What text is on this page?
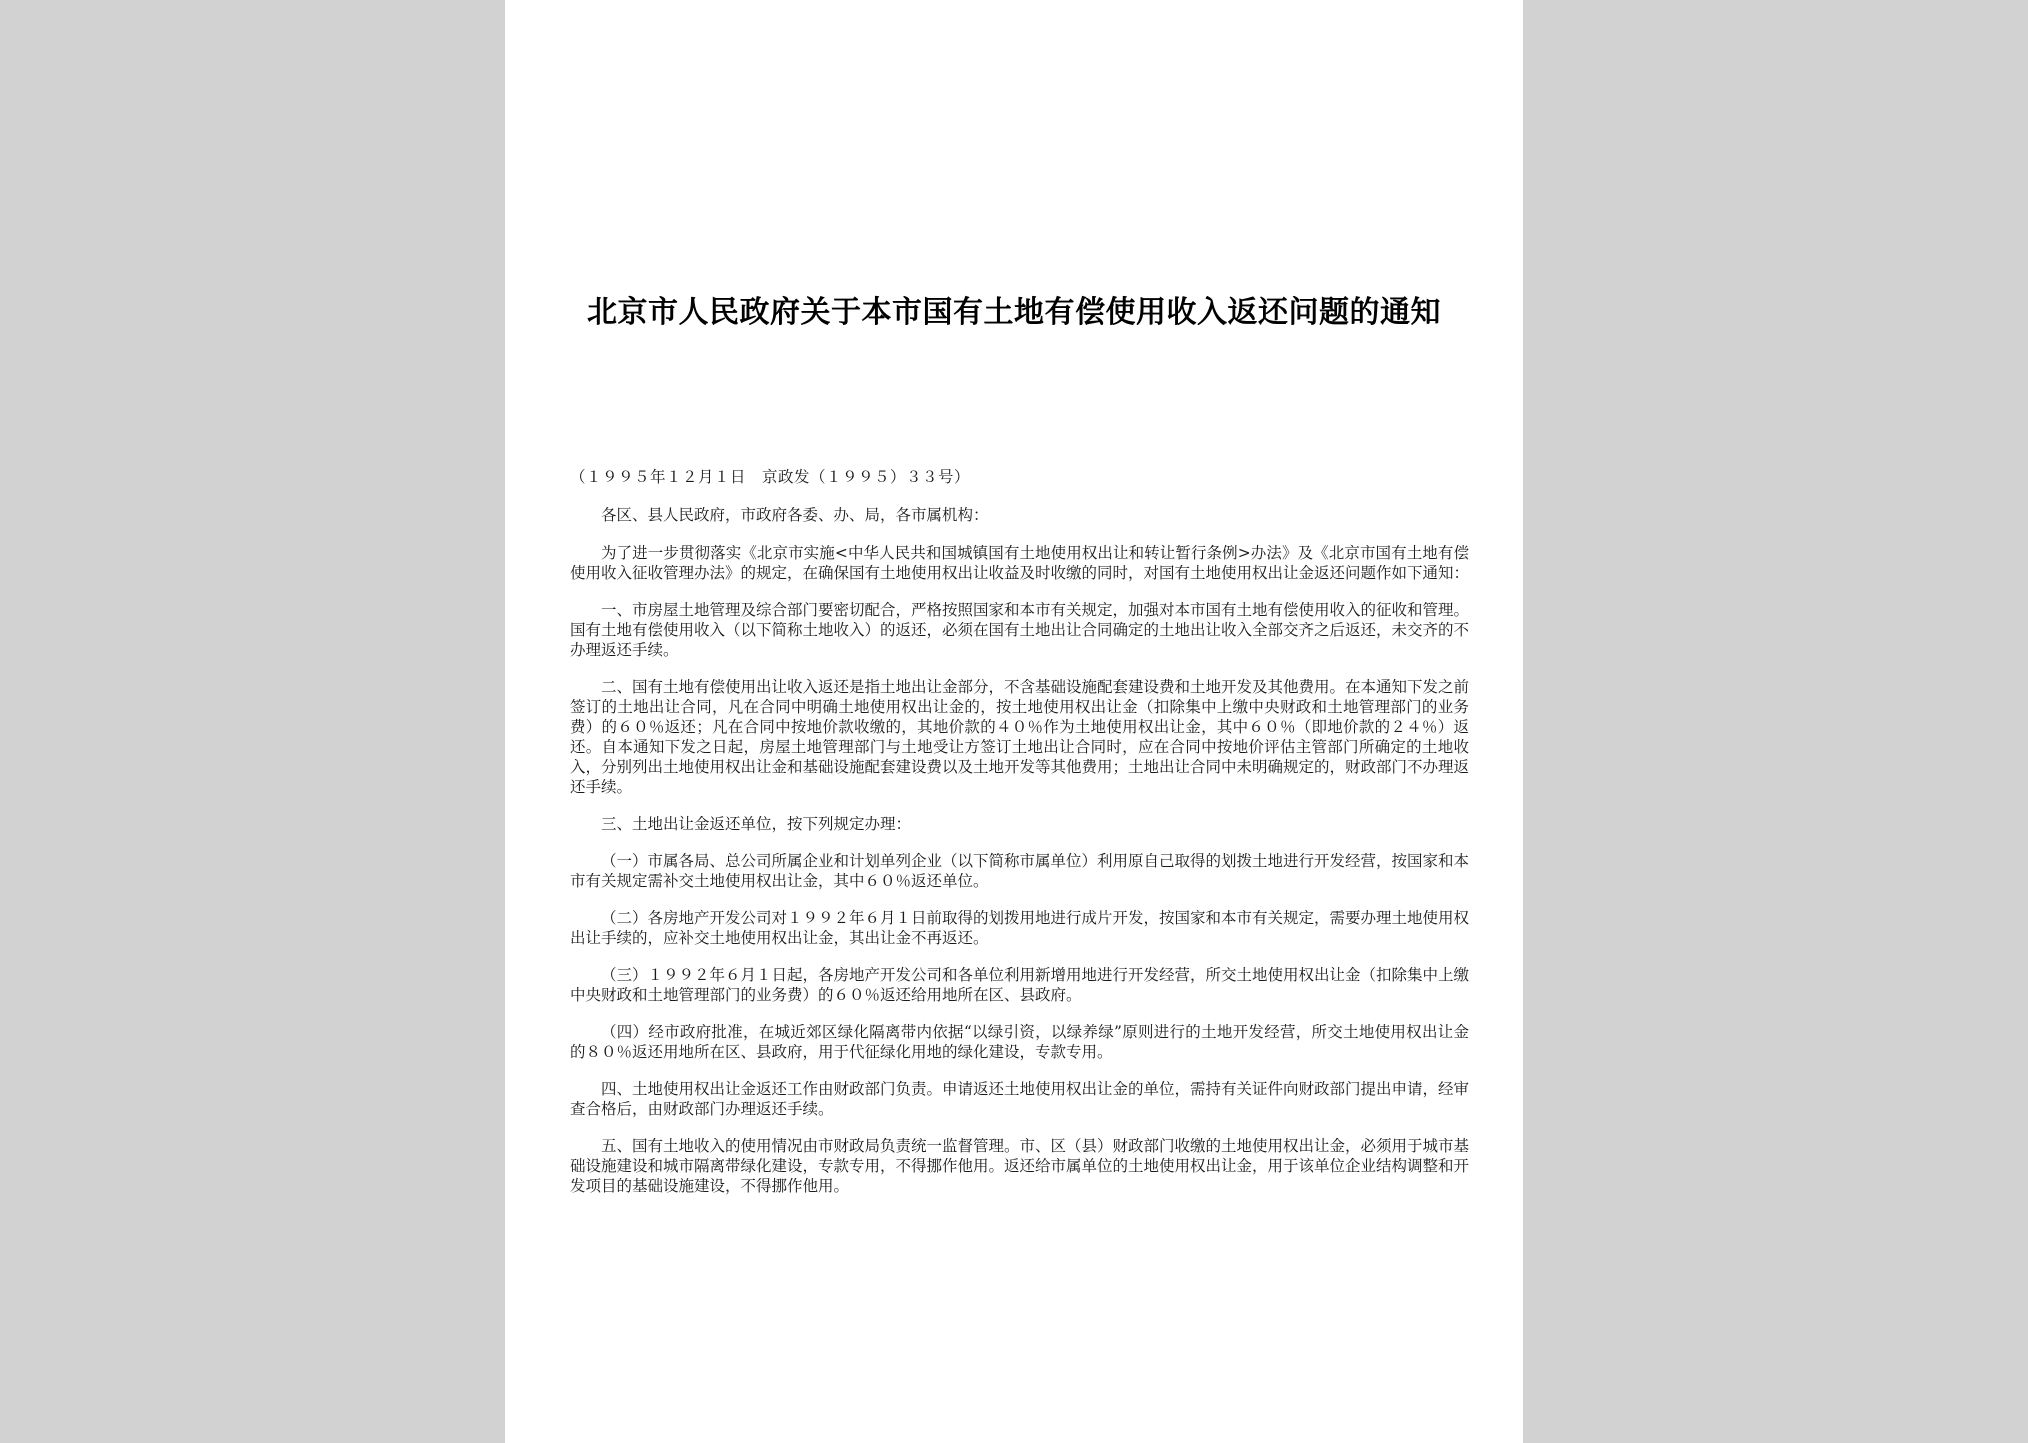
北京市人民政府关于本市国有土地有偿使用收入返还问题的通知
（１９９５年１２月１日　京政发（１９９５）３３号）
各区、县人民政府，市政府各委、办、局，各市属机构：
为了进一步贯彻落实《北京市实施<中华人民共和国城镇国有土地使用权出让和转让暂行条例>办法》及《北京市国有土地有偿使用收入征收管理办法》的规定，在确保国有土地使用权出让收益及时收缴的同时，对国有土地使用权出让金返还问题作如下通知：
一、市房屋土地管理及综合部门要密切配合，严格按照国家和本市有关规定，加强对本市国有土地有偿使用收入的征收和管理。国有土地有偿使用收入（以下简称土地收入）的返还，必须在国有土地出让合同确定的土地出让收入全部交齐之后返还，未交齐的不办理返还手续。
二、国有土地有偿使用出让收入返还是指土地出让金部分，不含基础设施配套建设费和土地开发及其他费用。在本通知下发之前签订的土地出让合同，凡在合同中明确土地使用权出让金的，按土地使用权出让金（扣除集中上缴中央财政和土地管理部门的业务费）的６０％返还；凡在合同中按地价款收缴的，其地价款的４０％作为土地使用权出让金，其中６０％（即地价款的２４％）返还。自本通知下发之日起，房屋土地管理部门与土地受让方签订土地出让合同时，应在合同中按地价评估主管部门所确定的土地收入，分别列出土地使用权出让金和基础设施配套建设费以及土地开发等其他费用；土地出让合同中未明确规定的，财政部门不办理返还手续。
三、土地出让金返还单位，按下列规定办理：
（一）市属各局、总公司所属企业和计划单列企业（以下简称市属单位）利用原自己取得的划拨土地进行开发经营，按国家和本市有关规定需补交土地使用权出让金，其中６０％返还单位。
（二）各房地产开发公司对１９９２年６月１日前取得的划拨用地进行成片开发，按国家和本市有关规定，需要办理土地使用权出让手续的，应补交土地使用权出让金，其出让金不再返还。
（三）１９９２年６月１日起，各房地产开发公司和各单位利用新增用地进行开发经营，所交土地使用权出让金（扣除集中上缴中央财政和土地管理部门的业务费）的６０％返还给用地所在区、县政府。
（四）经市政府批准，在城近郊区绿化隔离带内依据“以绿引资，以绿养绿”原则进行的土地开发经营，所交土地使用权出让金的８０％返还用地所在区、县政府，用于代征绿化用地的绿化建设，专款专用。
四、土地使用权出让金返还工作由财政部门负责。申请返还土地使用权出让金的单位，需持有关证件向财政部门提出申请，经审查合格后，由财政部门办理返还手续。
五、国有土地收入的使用情况由市财政局负责统一监督管理。市、区（县）财政部门收缴的土地使用权出让金，必须用于城市基础设施建设和城市隔离带绿化建设，专款专用，不得挪作他用。返还给市属单位的土地使用权出让金，用于该单位企业结构调整和开发项目的基础设施建设，不得挪作他用。
